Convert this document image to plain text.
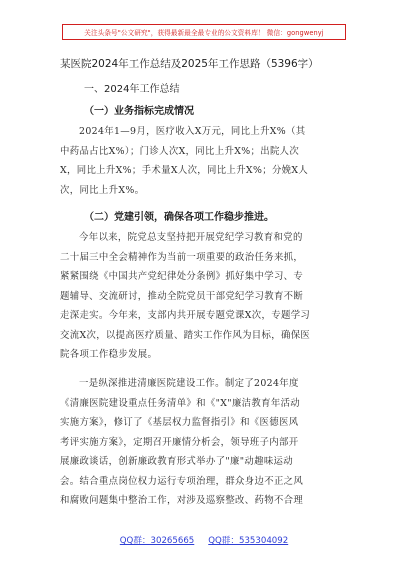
关注头条号"公文研究"，获得最新最全最专业的公文资料库！ 微信：gongwenyj
某医院2024年工作总结及2025年工作思路（5396字）
一、2024年工作总结
（一）业务指标完成情况
2024年1—9月，医疗收入X万元，同比上升X%（其
中药品占比X%）；门诊人次X，同比上升X%；出院人次
X，同比上升X%；手术量X人次，同比上升X%；分娩X人
次，同比上升X%。
（二）党建引领，确保各项工作稳步推进。
今年以来，院党总支坚持把开展党纪学习教育和党的
二十届三中全会精神作为当前一项重要的政治任务来抓，
紧紧围绕《中国共产党纪律处分条例》抓好集中学习、专
题辅导、交流研讨，推动全院党员干部党纪学习教育不断
走深走实。今年来，支部内共开展专题党课X次，专题学习
交流X次，以提高医疗质量、踏实工作作风为目标，确保医
院各项工作稳步发展。
一是纵深推进清廉医院建设工作。制定了2024年度
《清廉医院建设重点任务清单》和《"X"廉洁教育年活动
实施方案》，修订了《基层权力监督指引》和《医德医风
考评实施方案》，定期召开廉情分析会，领导班子内部开
展廉政谈话，创新廉政教育形式举办了"廉"动趣味运动
会。结合重点岗位权力运行专项治理，群众身边不正之风
和腐败问题集中整治工作，对涉及巡察整改、药物不合理
QQ群：30265665 QQ群：535304092
